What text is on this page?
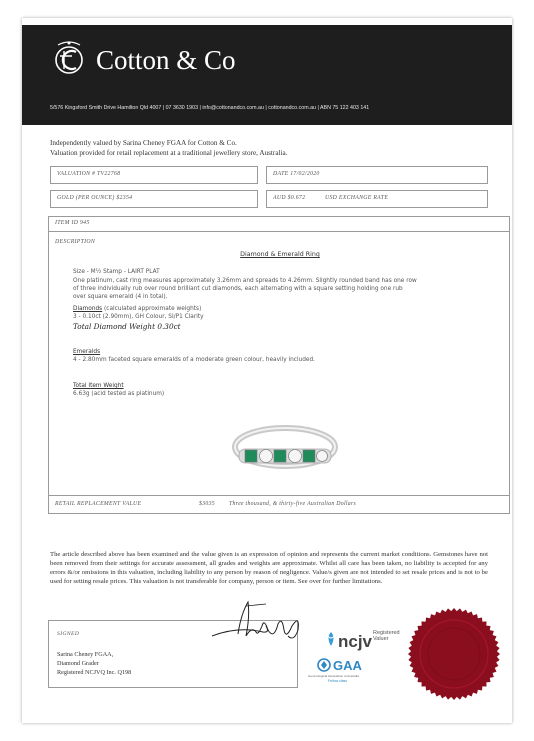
Cotton & Co
5/576 Kingsford Smith Drive Hamilton Qld 4007 | 07 3630 1903 | info@cottonandco.com.au | cottonandco.com.au | ABN 75 122 403 141
Independently valued by Sarina Cheney FGAA for Cotton & Co.
Valuation provided for retail replacement at a traditional jewellery store, Australia.
VALUATION # TV22768	DATE 17/02/2020
GOLD (PER OUNCE) $2354	AUD $0.672	USD EXCHANGE RATE
ITEM ID 945
DESCRIPTION
Diamond & Emerald Ring
Size - M½ Stamp - LAIRT PLAT
One platinum, cast ring measures approximately 3.26mm and spreads to 4.26mm. Slightly rounded band has one row
of three individually rub over round brilliant cut diamonds, each alternating with a square setting holding one rub
over square emerald (4 in total).
Diamonds (calculated approximate weights)
3 - 0.10ct (2.90mm), GH Colour, SI/P1 Clarity
Total Diamond Weight 0.30ct
Emeralds
4 - 2.80mm faceted square emeralds of a moderate green colour, heavily included.
Total Item Weight
6.63g (acid tested as platinum)
RETAIL REPLACEMENT VALUE	$3035 Three thousand, & thirty-five Australian Dollars
The article described above has been examined and the value given is an expression of opinion and represents the current market conditions. Gemstones have not been removed from their settings for accurate assessment, all grades and weights are approximate. Whilst all care has been taken, no liability is accepted for any errors &/or omissions in this valuation, including liability to any person by reason of negligence. Value/s given are not intended to set resale prices and is not to be used for setting resale prices. This valuation is not transferable for company, person or item. See over for further limitations.
SIGNED
Sarina Cheney FGAA,
Diamond Grader
Registered NCJVQ Inc. Q198
ncjv Registered
Valuer
GAA
Gemmological Association of Australia
Fellow class
